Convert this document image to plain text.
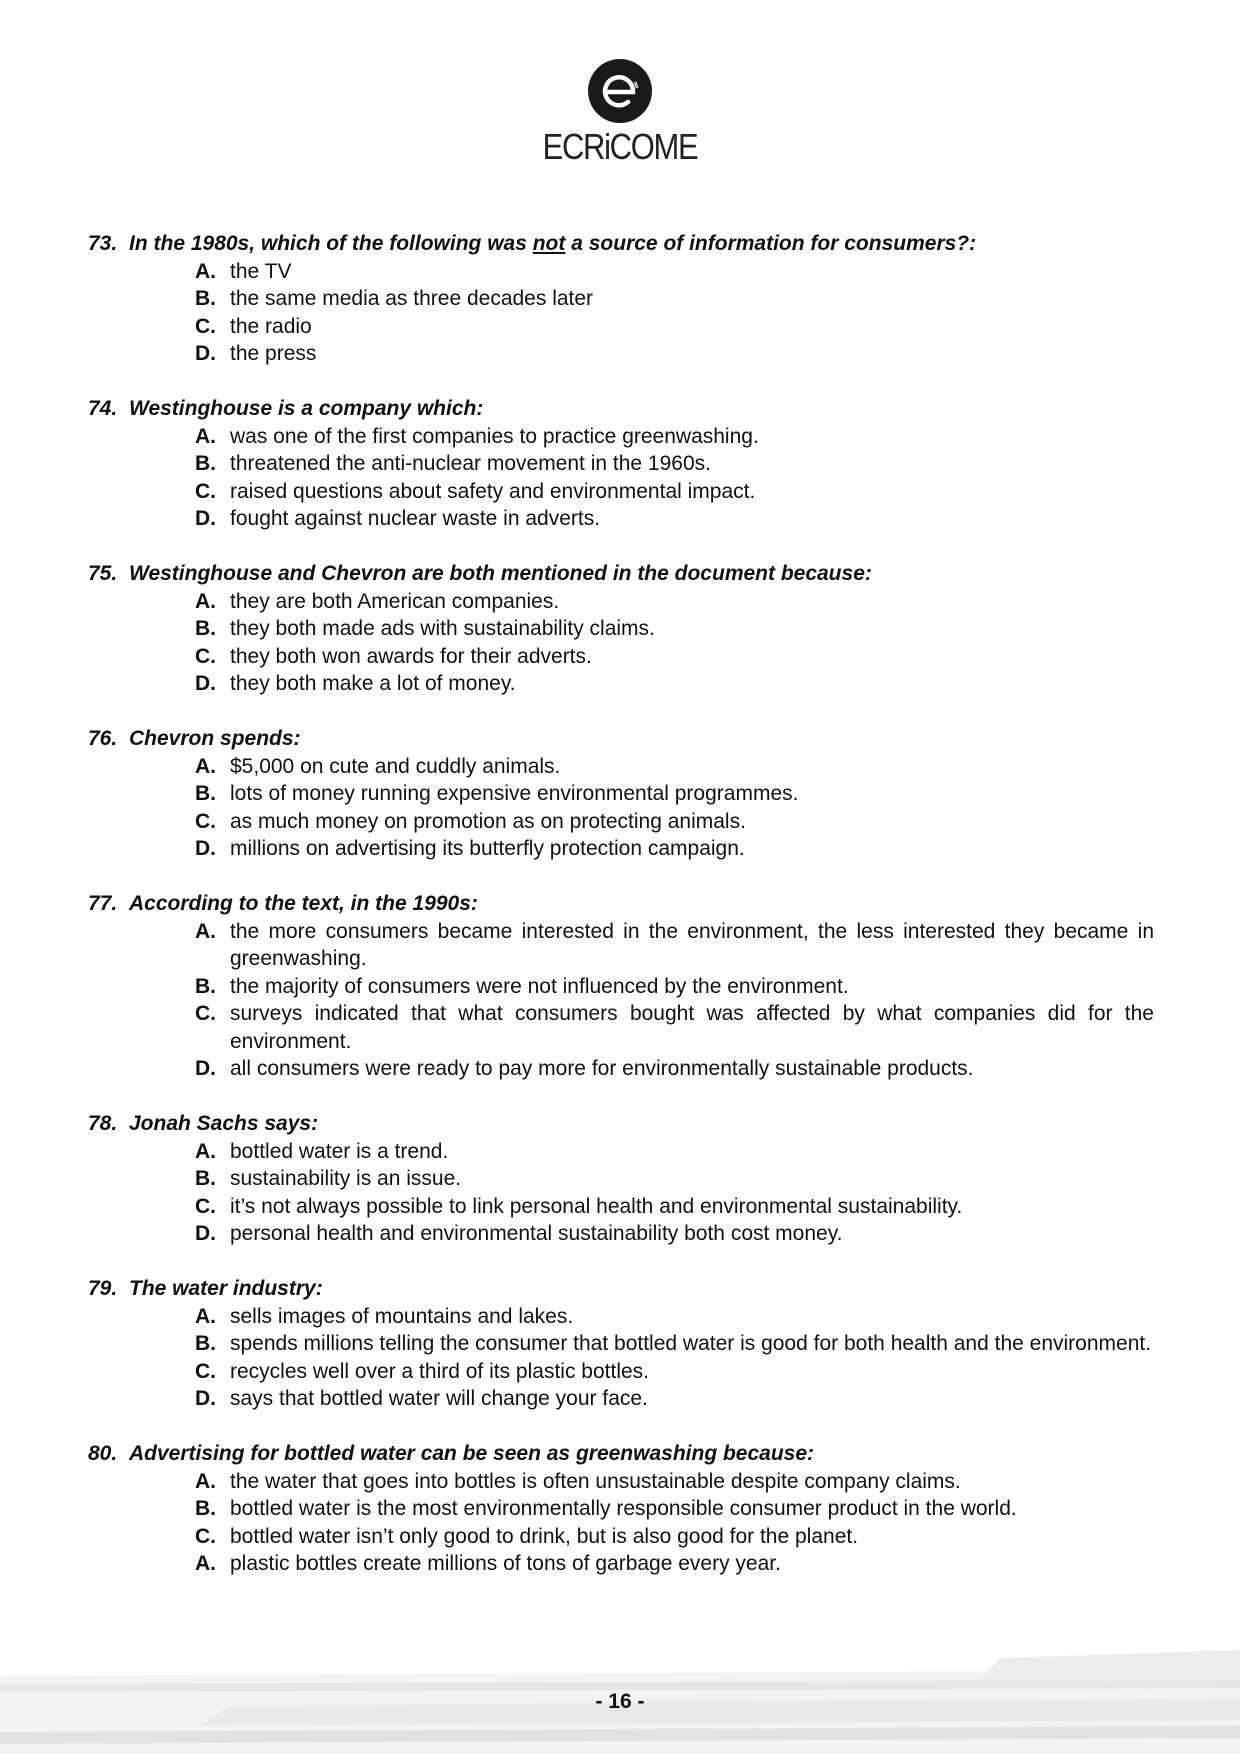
ECRiCOME
73. In the 1980s, which of the following was not a source of information for consumers?:
A. the TV
B. the same media as three decades later
C. the radio
D. the press
74. Westinghouse is a company which:
A. was one of the first companies to practice greenwashing.
B. threatened the anti-nuclear movement in the 1960s.
C. raised questions about safety and environmental impact.
D. fought against nuclear waste in adverts.
75. Westinghouse and Chevron are both mentioned in the document because:
A. they are both American companies.
B. they both made ads with sustainability claims.
C. they both won awards for their adverts.
D. they both make a lot of money.
76. Chevron spends:
A. $5,000 on cute and cuddly animals.
B. lots of money running expensive environmental programmes.
C. as much money on promotion as on protecting animals.
D. millions on advertising its butterfly protection campaign.
77. According to the text, in the 1990s:
A. the more consumers became interested in the environment, the less interested they became in greenwashing.
B. the majority of consumers were not influenced by the environment.
C. surveys indicated that what consumers bought was affected by what companies did for the environment.
D. all consumers were ready to pay more for environmentally sustainable products.
78. Jonah Sachs says:
A. bottled water is a trend.
B. sustainability is an issue.
C. it’s not always possible to link personal health and environmental sustainability.
D. personal health and environmental sustainability both cost money.
79. The water industry:
A. sells images of mountains and lakes.
B. spends millions telling the consumer that bottled water is good for both health and the environment.
C. recycles well over a third of its plastic bottles.
D. says that bottled water will change your face.
80. Advertising for bottled water can be seen as greenwashing because:
A. the water that goes into bottles is often unsustainable despite company claims.
B. bottled water is the most environmentally responsible consumer product in the world.
C. bottled water isn’t only good to drink, but is also good for the planet.
A. plastic bottles create millions of tons of garbage every year.
- 16 -
